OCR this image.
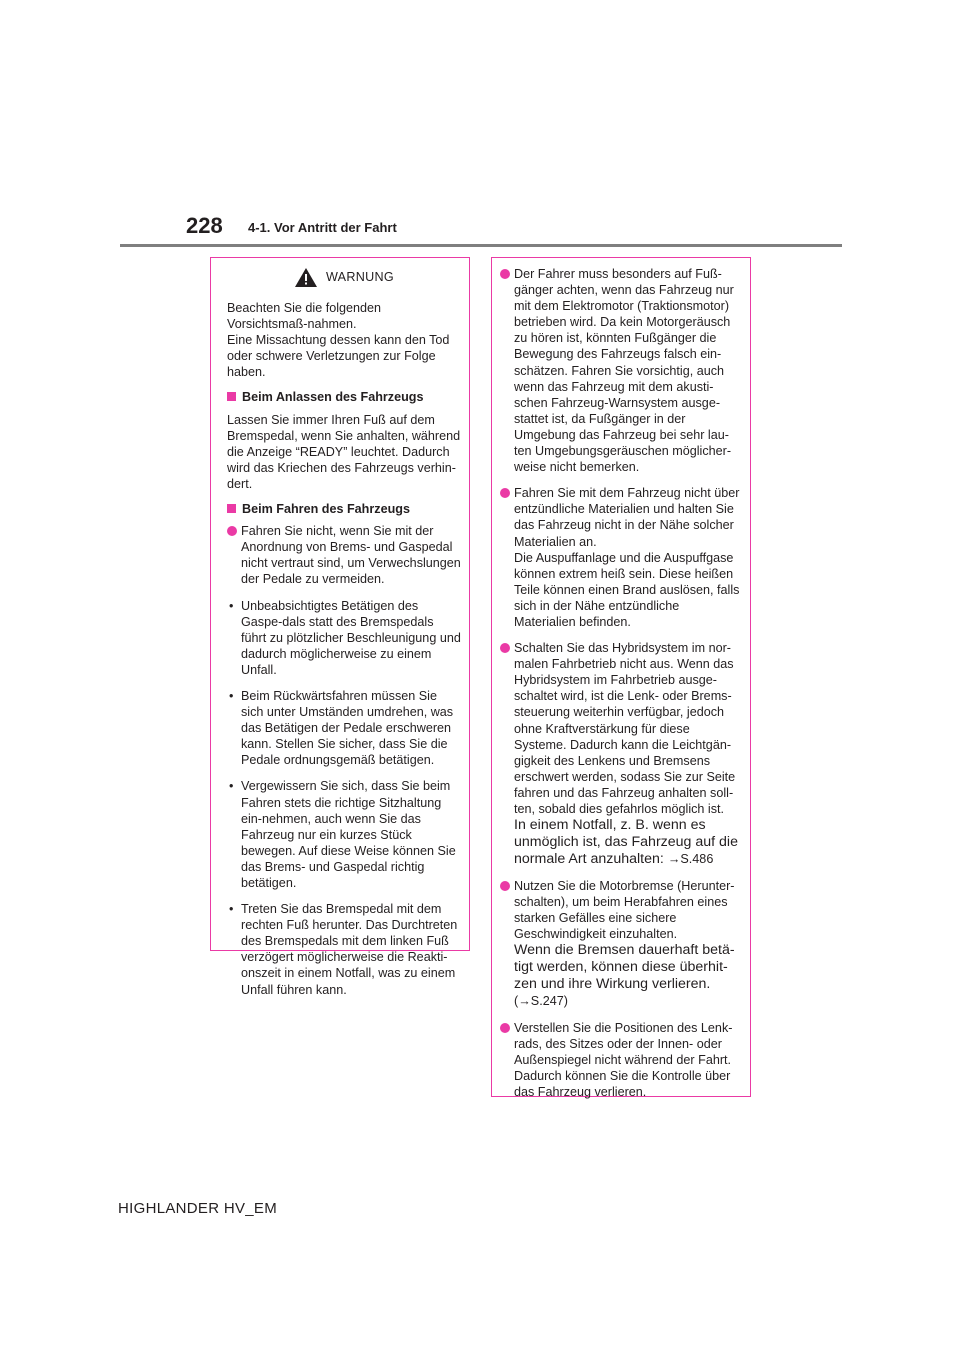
228 4-1. Vor Antritt der Fahrt
WARNUNG

Beachten Sie die folgenden Vorsichtsmaß-nahmen.
Eine Missachtung dessen kann den Tod oder schwere Verletzungen zur Folge haben.

Beim Anlassen des Fahrzeugs

Lassen Sie immer Ihren Fuß auf dem Bremspedal, wenn Sie anhalten, während die Anzeige “READY” leuchtet. Dadurch wird das Kriechen des Fahrzeugs verhin-dert.

Beim Fahren des Fahrzeugs
Fahren Sie nicht, wenn Sie mit der Anordnung von Brems- und Gaspedal nicht vertraut sind, um Verwechslungen der Pedale zu vermeiden.
• Unbeabsichtigtes Betätigen des Gaspe-dals statt des Bremspedals führt zu plötzlicher Beschleunigung und dadurch möglicherweise zu einem Unfall.
• Beim Rückwärtsfahren müssen Sie sich unter Umständen umdrehen, was das Betätigen der Pedale erschweren kann. Stellen Sie sicher, dass Sie die Pedale ordnungsgemäß betätigen.
• Vergewissern Sie sich, dass Sie beim Fahren stets die richtige Sitzhaltung ein-nehmen, auch wenn Sie das Fahrzeug nur ein kurzes Stück bewegen. Auf diese Weise können Sie das Brems- und Gaspedal richtig betätigen.
• Treten Sie das Bremspedal mit dem rechten Fuß herunter. Das Durchtreten des Bremspedals mit dem linken Fuß verzögert möglicherweise die Reakti-onszeit in einem Notfall, was zu einem Unfall führen kann.
Der Fahrer muss besonders auf Fuß-gänger achten, wenn das Fahrzeug nur mit dem Elektromotor (Traktionsmotor) betrieben wird. Da kein Motorgeräusch zu hören ist, könnten Fußgänger die Bewegung des Fahrzeugs falsch ein-schätzen. Fahren Sie vorsichtig, auch wenn das Fahrzeug mit dem akusti-schen Fahrzeug-Warnsystem ausge-stattet ist, da Fußgänger in der Umgebung das Fahrzeug bei sehr lau-ten Umgebungsgeräuschen möglicher-weise nicht bemerken.
Fahren Sie mit dem Fahrzeug nicht über entzündliche Materialien und halten Sie das Fahrzeug nicht in der Nähe solcher Materialien an.
Die Auspuffanlage und die Auspuffgase können extrem heiß sein. Diese heißen Teile können einen Brand auslösen, falls sich in der Nähe entzündliche Materialien befinden.
Schalten Sie das Hybridsystem im nor-malen Fahrbetrieb nicht aus. Wenn das Hybridsystem im Fahrbetrieb ausge-schaltet wird, ist die Lenk- oder Brems-steuerung weiterhin verfügbar, jedoch ohne Kraftverstärkung für diese Systeme. Dadurch kann die Leichtgän-gigkeit des Lenkens und Bremsens erschwert werden, sodass Sie zur Seite fahren und das Fahrzeug anhalten soll-ten, sobald dies gefahrlos möglich ist.
In einem Notfall, z. B. wenn es unmöglich ist, das Fahrzeug auf die normale Art anzuhalten: →S.486
Nutzen Sie die Motorbremse (Herunter-schalten), um beim Herabfahren eines starken Gefälles eine sichere Geschwindigkeit einzuhalten.
Wenn die Bremsen dauerhaft betä-tigt werden, können diese überhit-zen und ihre Wirkung verlieren.
(→S.247)
Verstellen Sie die Positionen des Lenk-rads, des Sitzes oder der Innen- oder Außenspiegel nicht während der Fahrt. Dadurch können Sie die Kontrolle über das Fahrzeug verlieren.
HIGHLANDER HV_EM
